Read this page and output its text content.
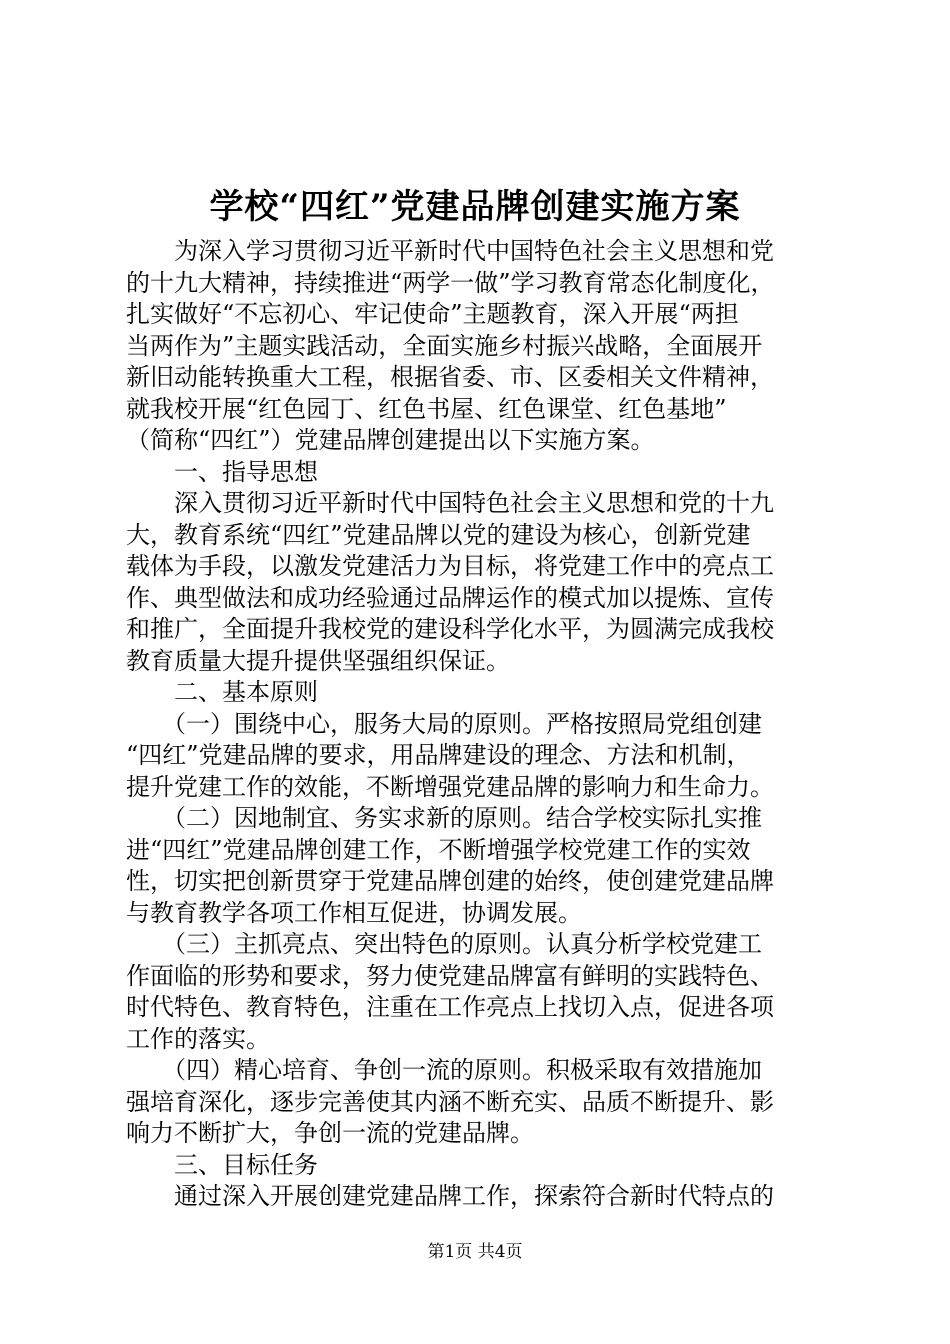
学校“四红”党建品牌创建实施方案
　　为深入学习贯彻习近平新时代中国特色社会主义思想和党
的十九大精神，持续推进“两学一做”学习教育常态化制度化，
扎实做好“不忘初心、牢记使命”主题教育，深入开展“两担
当两作为”主题实践活动，全面实施乡村振兴战略，全面展开
新旧动能转换重大工程，根据省委、市、区委相关文件精神，
就我校开展“红色园丁、红色书屋、红色课堂、红色基地”
（简称“四红”）党建品牌创建提出以下实施方案。
　　一、指导思想
　　深入贯彻习近平新时代中国特色社会主义思想和党的十九
大，教育系统“四红”党建品牌以党的建设为核心，创新党建
载体为手段，以激发党建活力为目标，将党建工作中的亮点工
作、典型做法和成功经验通过品牌运作的模式加以提炼、宣传
和推广，全面提升我校党的建设科学化水平，为圆满完成我校
教育质量大提升提供坚强组织保证。
　　二、基本原则
　　（一）围绕中心，服务大局的原则。严格按照局党组创建
“四红”党建品牌的要求，用品牌建设的理念、方法和机制，
提升党建工作的效能，不断增强党建品牌的影响力和生命力。
　　（二）因地制宜、务实求新的原则。结合学校实际扎实推
进“四红”党建品牌创建工作，不断增强学校党建工作的实效
性，切实把创新贯穿于党建品牌创建的始终，使创建党建品牌
与教育教学各项工作相互促进，协调发展。
　　（三）主抓亮点、突出特色的原则。认真分析学校党建工
作面临的形势和要求，努力使党建品牌富有鲜明的实践特色、
时代特色、教育特色，注重在工作亮点上找切入点，促进各项
工作的落实。
　　（四）精心培育、争创一流的原则。积极采取有效措施加
强培育深化，逐步完善使其内涵不断充实、品质不断提升、影
响力不断扩大，争创一流的党建品牌。
　　三、目标任务
　　通过深入开展创建党建品牌工作，探索符合新时代特点的
第1页 共4页
